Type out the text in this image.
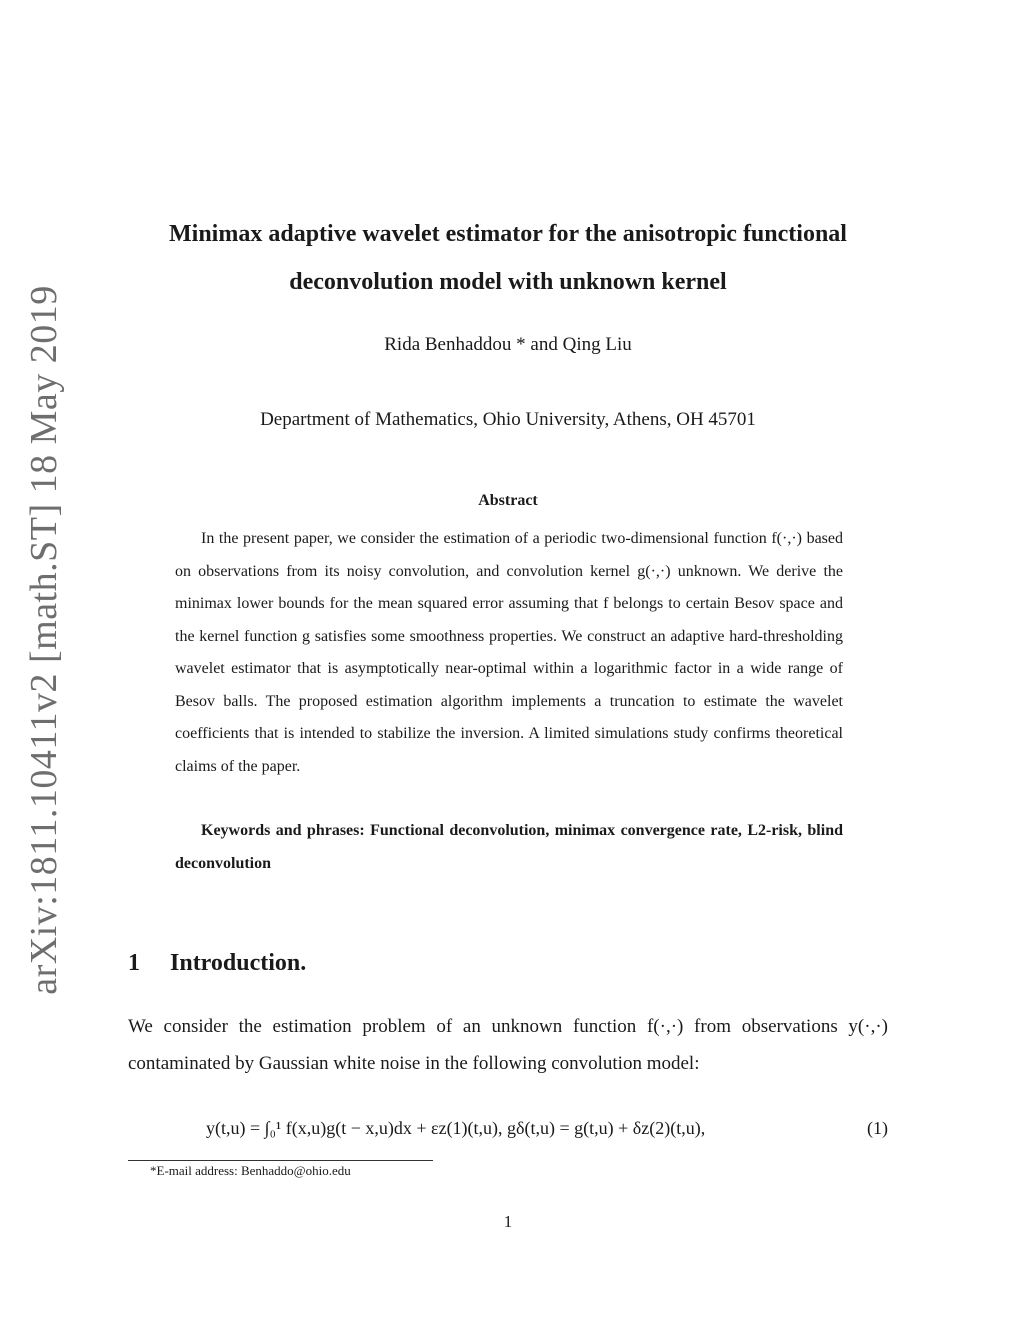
arXiv:1811.10411v2 [math.ST] 18 May 2019
Minimax adaptive wavelet estimator for the anisotropic functional deconvolution model with unknown kernel
Rida Benhaddou * and Qing Liu
Department of Mathematics, Ohio University, Athens, OH 45701
Abstract

In the present paper, we consider the estimation of a periodic two-dimensional function f(·,·) based on observations from its noisy convolution, and convolution kernel g(·,·) unknown. We derive the minimax lower bounds for the mean squared error assuming that f belongs to certain Besov space and the kernel function g satisfies some smoothness properties. We construct an adaptive hard-thresholding wavelet estimator that is asymptotically near-optimal within a logarithmic factor in a wide range of Besov balls. The proposed estimation algorithm implements a truncation to estimate the wavelet coefficients that is intended to stabilize the inversion. A limited simulations study confirms theoretical claims of the paper.

Keywords and phrases: Functional deconvolution, minimax convergence rate, L2-risk, blind deconvolution

1 Introduction.

We consider the estimation problem of an unknown function f(·,·) from observations y(·,·) contaminated by Gaussian white noise in the following convolution model:

y(t,u) = ∫₀¹ f(x,u)g(t − x,u)dx + εz(1)(t,u), gδ(t,u) = g(t,u) + δz(2)(t,u),	(1)
*E-mail address: Benhaddo@ohio.edu
1
